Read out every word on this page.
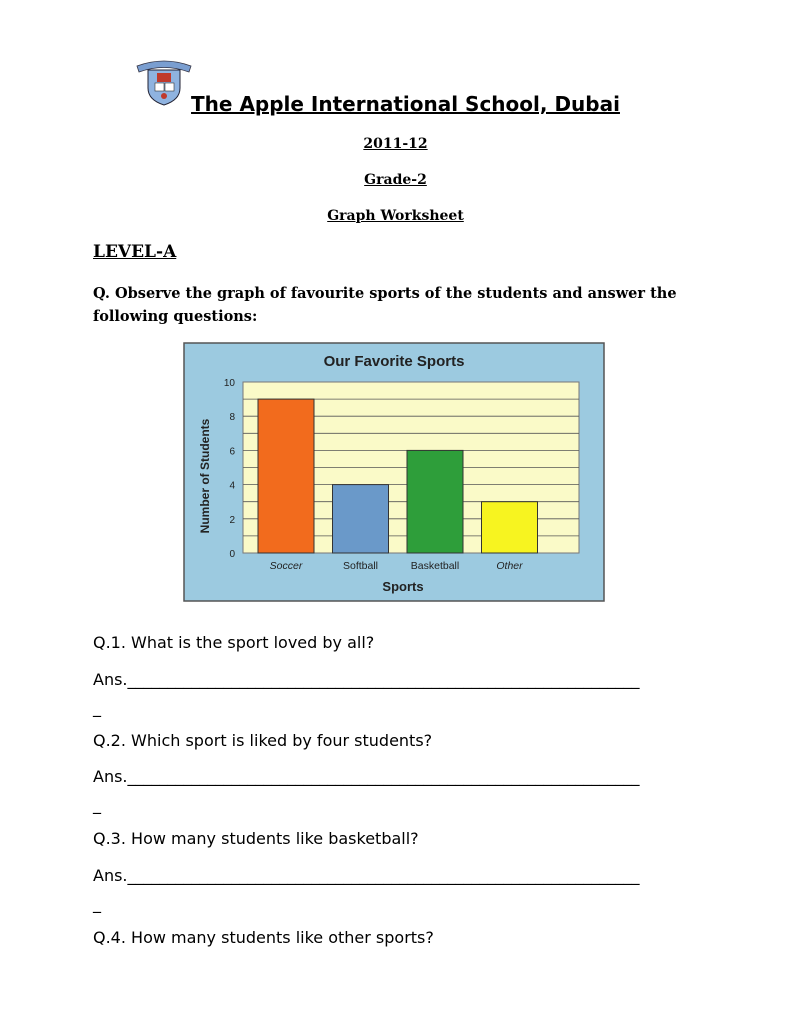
The Apple International School, Dubai
2011-12
Grade-2
Graph Worksheet
LEVEL-A
Q. Observe the graph of favourite sports of the students and answer the following questions:
Our Favorite Sports
0
2
4
6
8
10
Soccer	Softball	Basketball	Other
Number of Students
Sports
Q.1. What is the sport loved by all?
Ans.________________________________________________________________
_
Q.2. Which sport is liked by four students?
Ans.________________________________________________________________
_
Q.3. How many students like basketball?
Ans.________________________________________________________________
_
Q.4. How many students like other sports?
